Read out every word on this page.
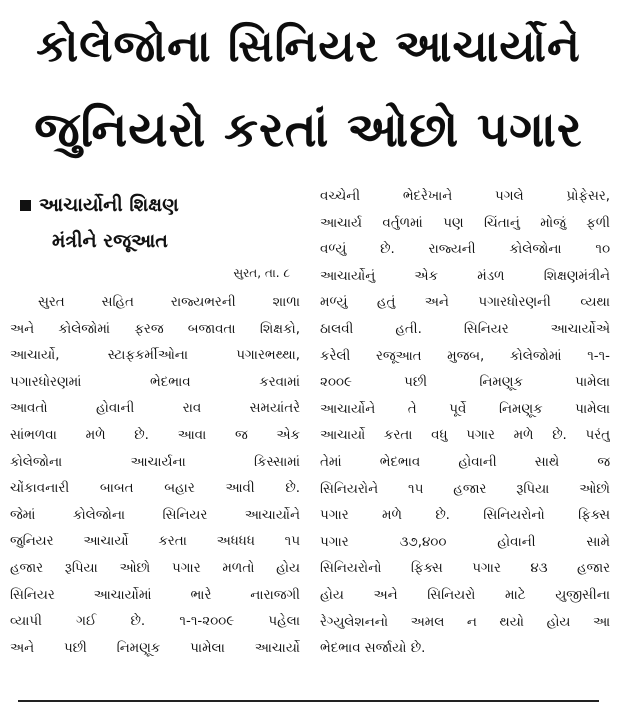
કોલેજોના સિનિયર આચાર્યોને
જુનિયરો કરતાં ઓછો પગાર
આચાર્યોની શિક્ષણ
મંત્રીને રજૂઆત
સુરત, તા. ૮
સુરત સહિત રાજ્યભરની શાળા
અને કોલેજોમાં ફરજ બજાવતા શિક્ષકો,
આચાર્યો, સ્ટાફકર્મીઓના પગારભથ્થા,
પગારધોરણમાં ભેદભાવ કરવામાં
આવતો હોવાની રાવ સમયાંતરે
સાંભળવા મળે છે. આવા જ એક
કોલેજોના આચાર્યના કિસ્સામાં
ચોંકાવનારી બાબત બહાર આવી છે.
જેમાં કોલેજોના સિનિયર આચાર્યોને
જુનિયર આચાર્યો કરતા અધધધ ૧૫
હજાર રૂપિયા ઓછો પગાર મળતો હોય
સિનિયર આચાર્યોમાં ભારે નારાજગી
વ્યાપી ગઈ છે. ૧-૧-૨૦૦૯ પહેલા
અને પછી નિમણૂક પામેલા આચાર્યો
વચ્ચેની ભેદરેખાને પગલે પ્રોફેસર,
આચાર્ય વર્તુળમાં પણ ચિંતાનું મોજું ફળી
વળ્યું છે. રાજ્યની કોલેજોના ૧૦
આચાર્યોનું એક મંડળ શિક્ષણમંત્રીને
મળ્યું હતું અને પગારધોરણની વ્યથા
ઠાલવી હતી. સિનિયર આચાર્યોએ
કરેલી રજૂઆત મુજબ, કોલેજોમાં ૧-૧-
૨૦૦૯ પછી નિમણૂક પામેલા
આચાર્યોને તે પૂર્વે નિમણૂક પામેલા
આચાર્યો કરતા વધુ પગાર મળે છે. પરંતુ
તેમાં ભેદભાવ હોવાની સાથે જ
સિનિયરોને ૧૫ હજાર રૂપિયા ઓછો
પગાર મળે છે. સિનિયરોનો ફિક્સ
પગાર ૩૭,૪૦૦ હોવાની સામે
સિનિયરોનો ફિક્સ પગાર ૪૩ હજાર
હોય અને સિનિયરો માટે યુજીસીના
રેગ્યુલેશનનો અમલ ન થયો હોય આ
ભેદભાવ સર્જાયો છે.
